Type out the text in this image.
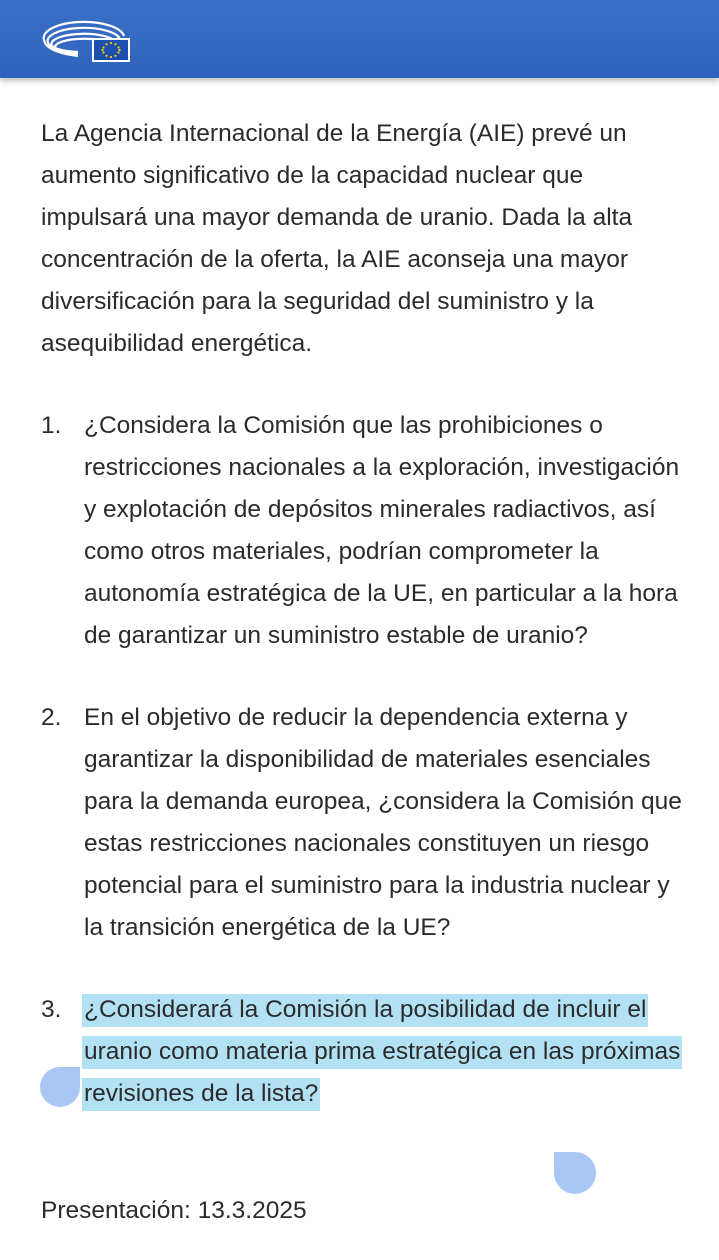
La Agencia Internacional de la Energía (AIE) prevé un aumento significativo de la capacidad nuclear que impulsará una mayor demanda de uranio. Dada la alta concentración de la oferta, la AIE aconseja una mayor diversificación para la seguridad del suministro y la asequibilidad energética.

1. ¿Considera la Comisión que las prohibiciones o restricciones nacionales a la exploración, investigación y explotación de depósitos minerales radiactivos, así como otros materiales, podrían comprometer la autonomía estratégica de la UE, en particular a la hora de garantizar un suministro estable de uranio?
2. En el objetivo de reducir la dependencia externa y garantizar la disponibilidad de materiales esenciales para la demanda europea, ¿considera la Comisión que estas restricciones nacionales constituyen un riesgo potencial para el suministro para la industria nuclear y la transición energética de la UE?
3. ¿Considerará la Comisión la posibilidad de incluir el uranio como materia prima estratégica en las próximas revisiones de la lista?
Presentación: 13.3.2025
